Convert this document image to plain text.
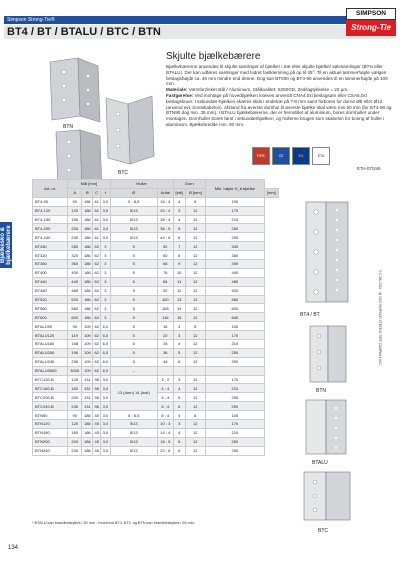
Simpson Strong-Tie®
BT4 / BT / BTALU / BTC / BTN
SIMPSON
Strong-Tie
Bjælkesko & bjælkebærere
BTN
BTC
Skjulte bjælkebærere
Bjælkebærerne anvendes til skjulte samlinger af bjælker i træ eller skjulte bjælke/ sølesamlinger (BTN eller BTALU). Der kan udføres samlinger med lodret fastklemning på op til 45°. Til en aktuel tømmerhøjde vælges beslagshøjde ca. 40 mm mindre end denne. Dog kan BT600 og BT4-90 anvendes til en tømmerhøjde på 100 mm.
Materiale: Varmforzinket stål / Aluminium, Stålkvalitet: S250GD, Zinklagtykkelse = 20 µm.
Fastgørelse: Ved montage på hovedbjælken kræves anvendt CNA4,0xl beslagsøm eller CSA5,0xl beslagskruer. I sekundær-bjælken skæres slids i endetræ på 7-8 mm samt forbores for dorne Ø8 eller Ø12 (anvend evt. boreskabelon). Afstand fra øverste dornhul til øverste bjælke skal være min 50 mm (for BT4-90 og BTN90 dog min. 35 mm). I BTALU bjælkebærerne, der er fremstillet af aluminium, bores dornhuller under montagen. Dornhuller bores først i sekundærbjælken, og hullerne bruges som skabelon for boring af huller i aluminium. Bjælkebredde min. 60 mm.
FIRE	CE	EU	ETA
ETA-07/246
Art. nr.	Mål [mm]				Huller		Dorn		Min. højde H_b bjælke	
	A	B	C	t	Ø	Antal	[stk]	Ø [mm]		[mm]
BT4-90	90	186	61	3,0	5 ; 8,5	16 ; 4	4	8	100	
BT4-120	120	186	61	3,0	5/13	20 ; 4	3	12	170	
BT4-150	150	186	61	3,0	5/13	28 ; 4	4	12	210	
BT4-200	200	186	61	3,0	5/13	36 ; 5	5	12	250	
BT4-240	240	186	61	3,0	5/13	44 ; 6	6	12	290	
BT280	280	186	62	3	5	52	7	12	340	
BT320	320	186	62	3	5	60	8	12	360	
BT360	360	186	62	3	5	68	9	12	400	
BT400	400	186	62	3	5	76	10	12	440	
BT440	440	186	62	3	5	84	11	12	480	
BT480	480	186	62	3	5	92	12	12	520	
BT520	520	186	62	3	5	100	13	12	560	
BT560	560	186	62	3	5	108	14	12	600	
BT600	600	186	62	3	5	116	15	12	640	
BTALU90	90	109	62	6,0	5	16	4	8	100	
BTALU120	119	109	62	6,0	5	20	3	12	170	
BTALU160	158	109	62	6,0	5	28	4	12	210	
BTALU200	196	109	62	6,0	5	36	5	12	250	
BTALU240	236	109	62	6,0	5	44	6	12	290	
BTALU3000	3000	109	62	6,0	–					
BTC120-B	120	131	96	3,0		3 ; 2	3	12	170	
BTC160-B	160	131	96	3,0	13 (dorn) 14 (bolt)	4 ; 4	4	12	210	
BTC200-B	200	131	96	3,0		5 ; 4	5	12	250	
BTC240-B	240	131	96	3,0		6 ; 4	6	12	290	
BTN90	90	186	45	3,0	5 ; 8,5	8 ; 4	4	8	100	
BTN120	120	186	45	3,0	5/13	10 ; 3	3	12	170	
BTN160	160	186	45	3,0	5/13	14 ; 4	4	12	210	
BTN200	200	186	45	3,0	5/13	18 ; 5	5	12	250	
BTN240	240	186	45	3,0	5/13	22 ; 6	6	12	290	
* BTALU kan brandbeskyttes i 30 min - hvorimod BT4, BTC og BTN kan brandbeskyttes i 60 min.
134
BT4 / BT
BTN
BTALU
BTC
© C-DK-2022 · @ 2022 SIMPSON STRONG-TIE® COMPANY INC.
